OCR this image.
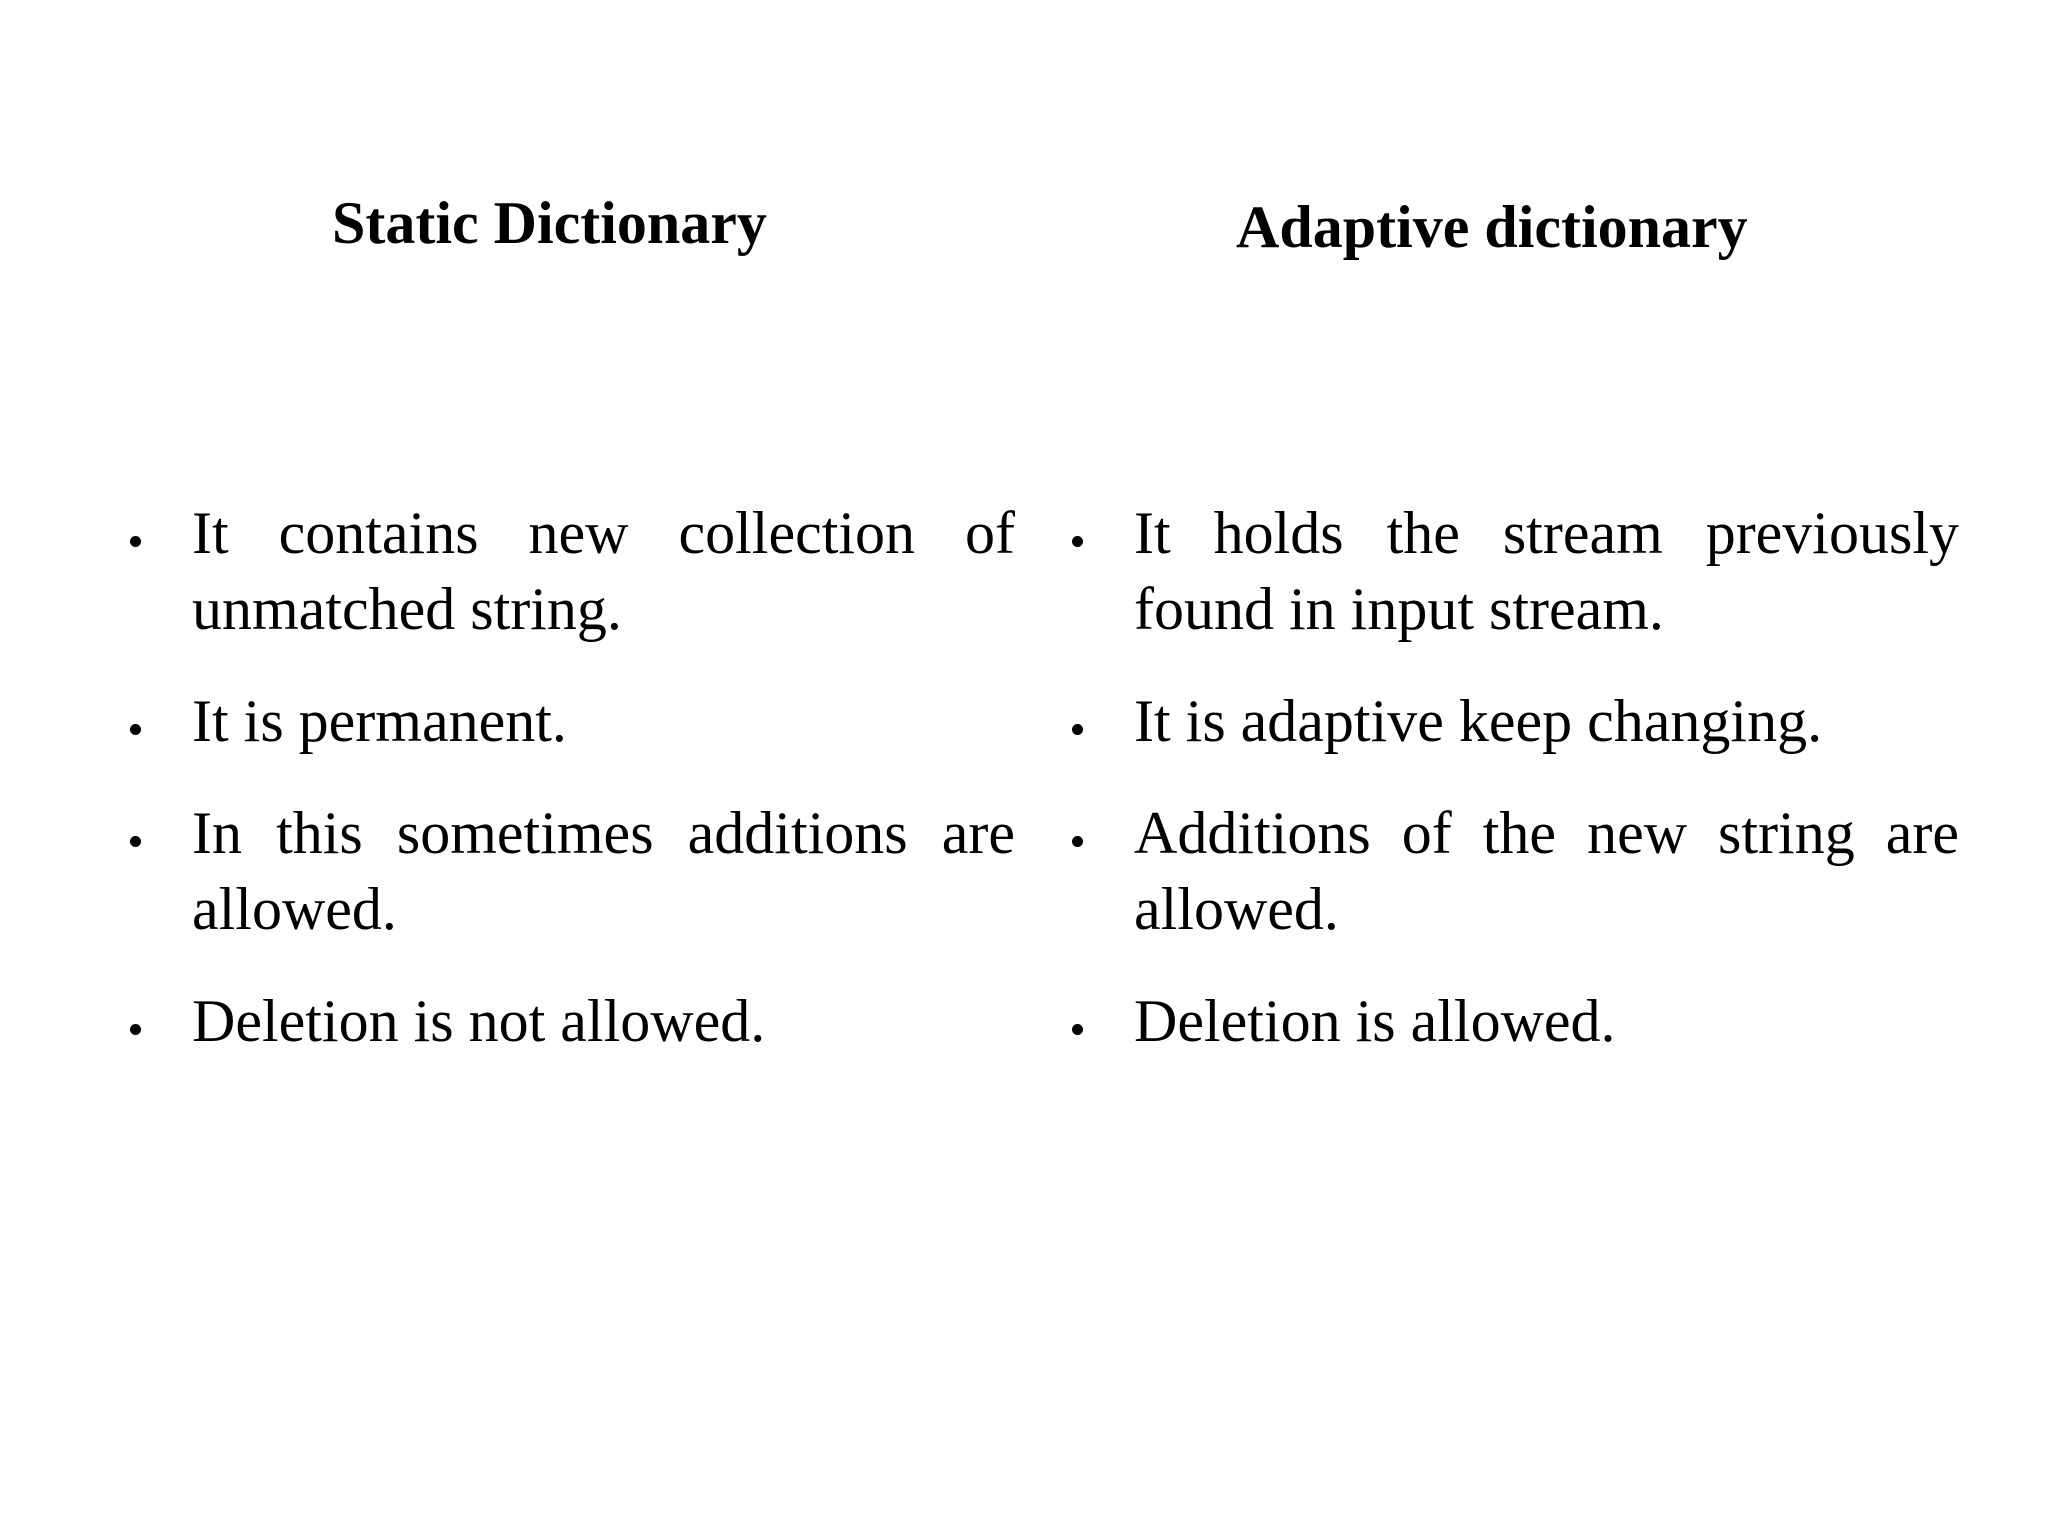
Static Dictionary	Adaptive dictionary
It contains new collection of unmatched string.
It is permanent.
In this sometimes additions are allowed.
Deletion is not allowed.
It holds the stream previously found in input stream.
It is adaptive keep changing.
Additions of the new string are allowed.
Deletion is allowed.
